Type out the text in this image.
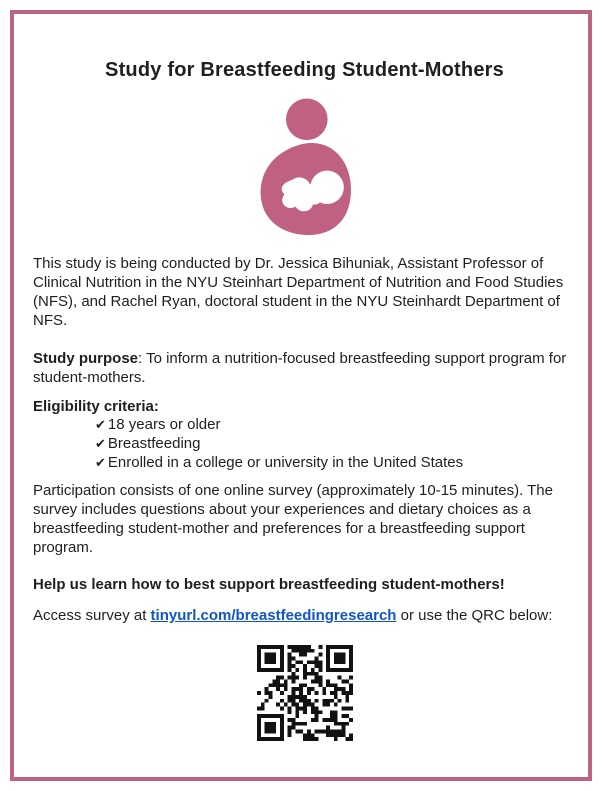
Study for Breastfeeding Student-Mothers

This study is being conducted by Dr. Jessica Bihuniak, Assistant Professor of Clinical Nutrition in the NYU Steinhart Department of Nutrition and Food Studies (NFS), and Rachel Ryan, doctoral student in the NYU Steinhardt Department of NFS.

Study purpose: To inform a nutrition-focused breastfeeding support program for student-mothers.

Eligibility criteria:
✔ 18 years or older
✔ Breastfeeding
✔ Enrolled in a college or university in the United States

Participation consists of one online survey (approximately 10-15 minutes). The survey includes questions about your experiences and dietary choices as a breastfeeding student-mother and preferences for a breastfeeding support program.

Help us learn how to best support breastfeeding student-mothers!

Access survey at tinyurl.com/breastfeedingresearch or use the QRC below:
